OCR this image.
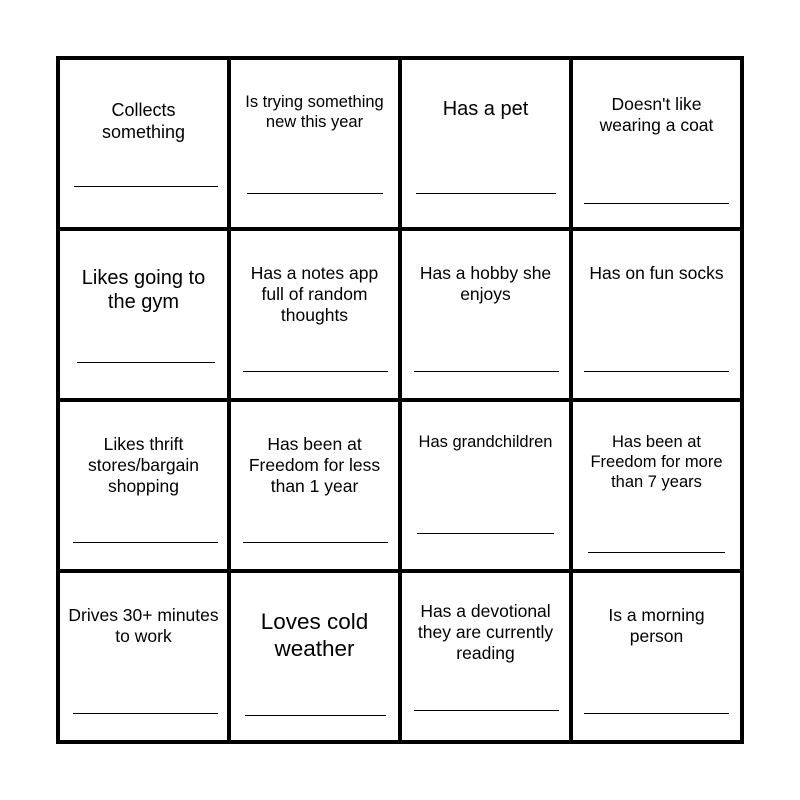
Collects something
Is trying something new this year
Has a pet	Doesn't like wearing a coat
Likes going to the gym
Has a notes app full of random thoughts
Has a hobby she enjoys
Has on fun socks
Likes thrift stores/bargain shopping
Has been at Freedom for less than 1 year
Has grandchildren	Has been at Freedom for more than 7 years
Drives 30+ minutes to work
Loves cold weather
Has a devotional they are currently reading
Is a morning person
